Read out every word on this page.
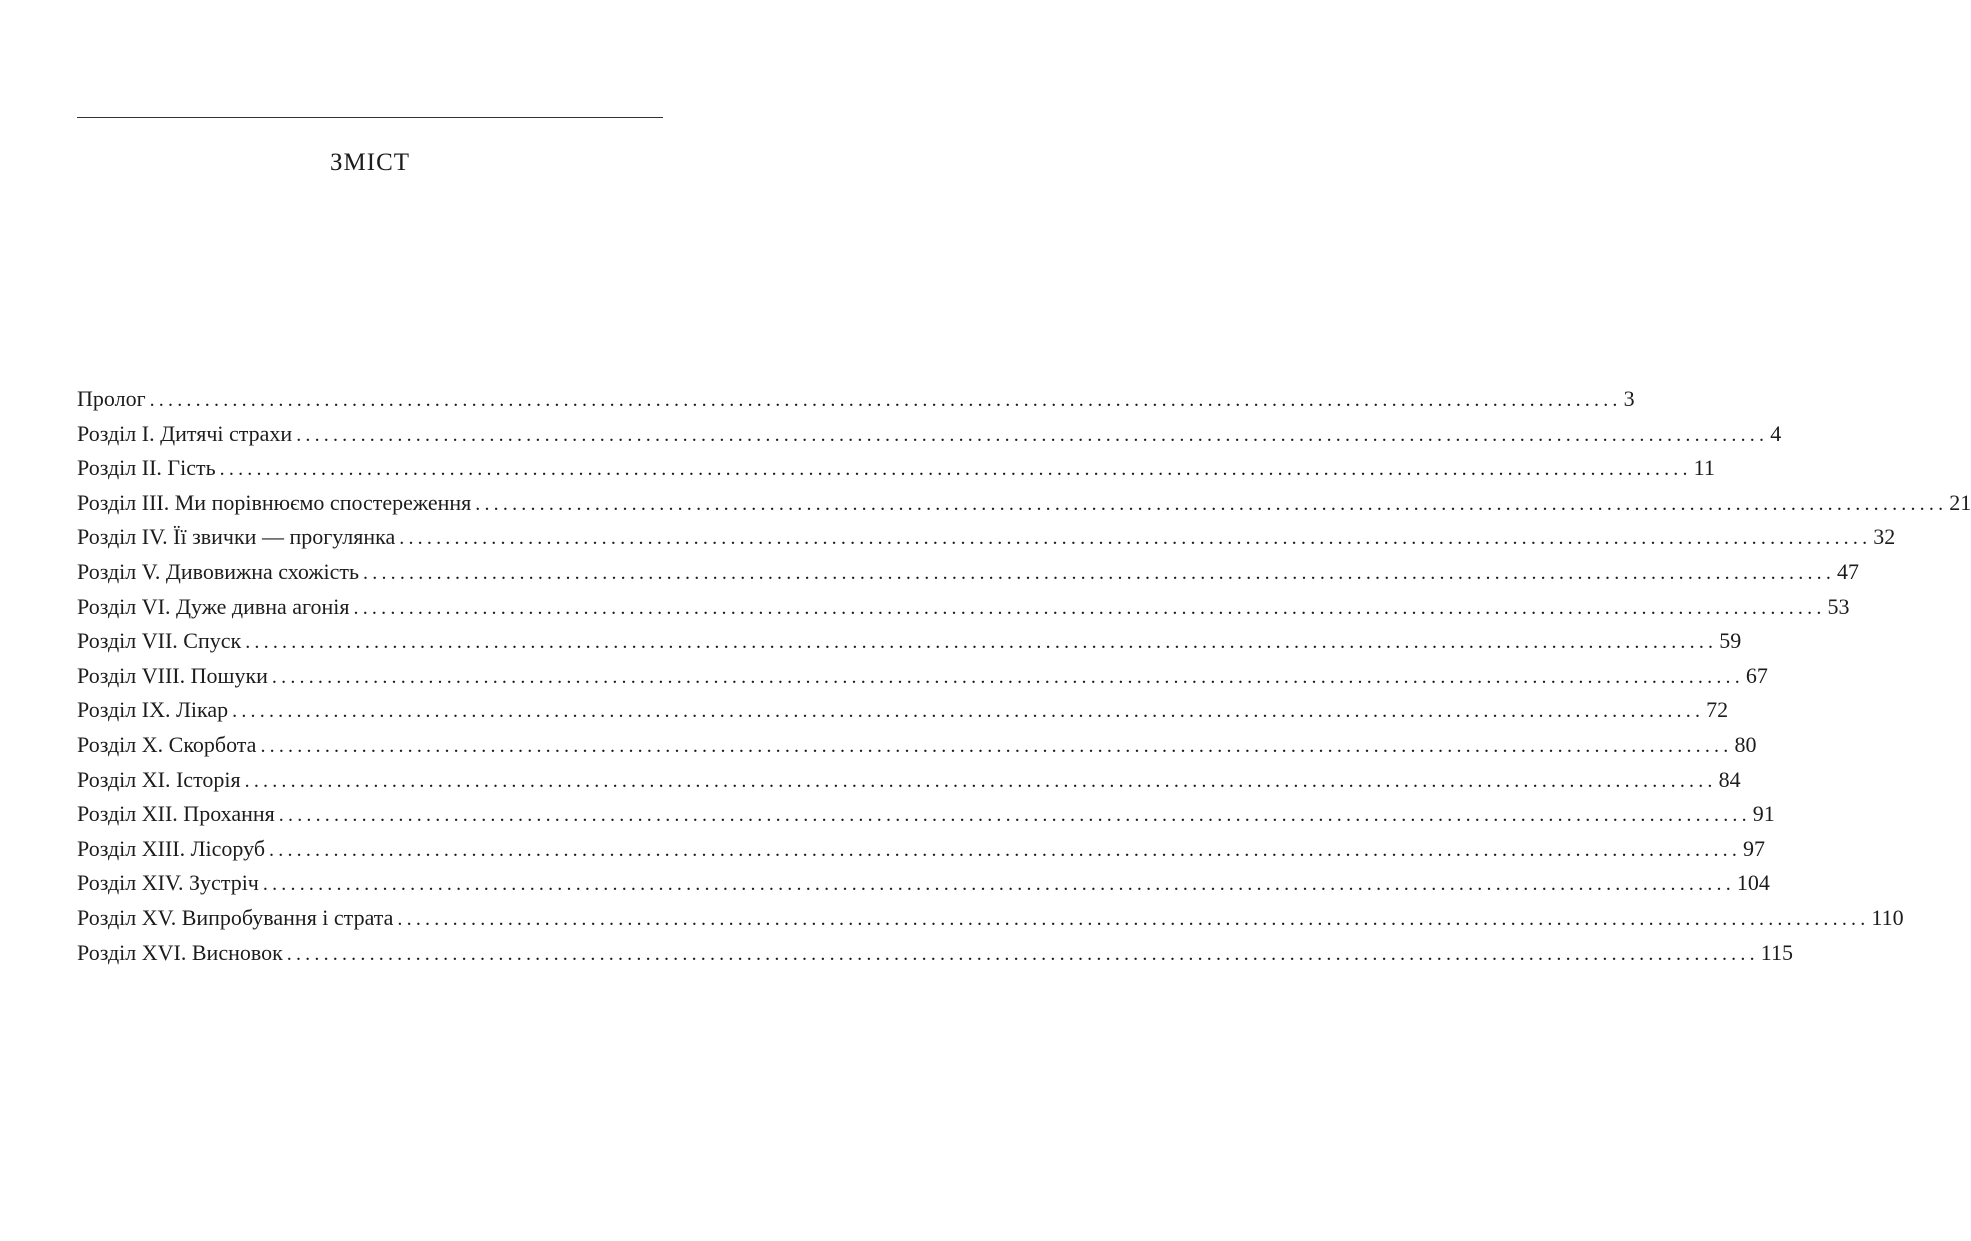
ЗМІСТ
Пролог ................................................................................................................................................................ 3
Розділ І. Дитячі страхи ................................................................................................................................................................ 4
Розділ ІІ. Гість ................................................................................................................................................................ 11
Розділ ІІІ. Ми порівнюємо спостереження ................................................................................................................................................................ 21
Розділ IV. Її звички — прогулянка ................................................................................................................................................................ 32
Розділ V. Дивовижна схожість ................................................................................................................................................................ 47
Розділ VI. Дуже дивна агонія ................................................................................................................................................................ 53
Розділ VII. Спуск ................................................................................................................................................................ 59
Розділ VIII. Пошуки ................................................................................................................................................................ 67
Розділ IX. Лікар ................................................................................................................................................................ 72
Розділ X. Скорбота ................................................................................................................................................................ 80
Розділ XI. Історія ................................................................................................................................................................ 84
Розділ XII. Прохання ................................................................................................................................................................ 91
Розділ XIII. Лісоруб ................................................................................................................................................................ 97
Розділ XIV. Зустріч ................................................................................................................................................................ 104
Розділ XV. Випробування і страта ................................................................................................................................................................ 110
Розділ XVI. Висновок ................................................................................................................................................................ 115
